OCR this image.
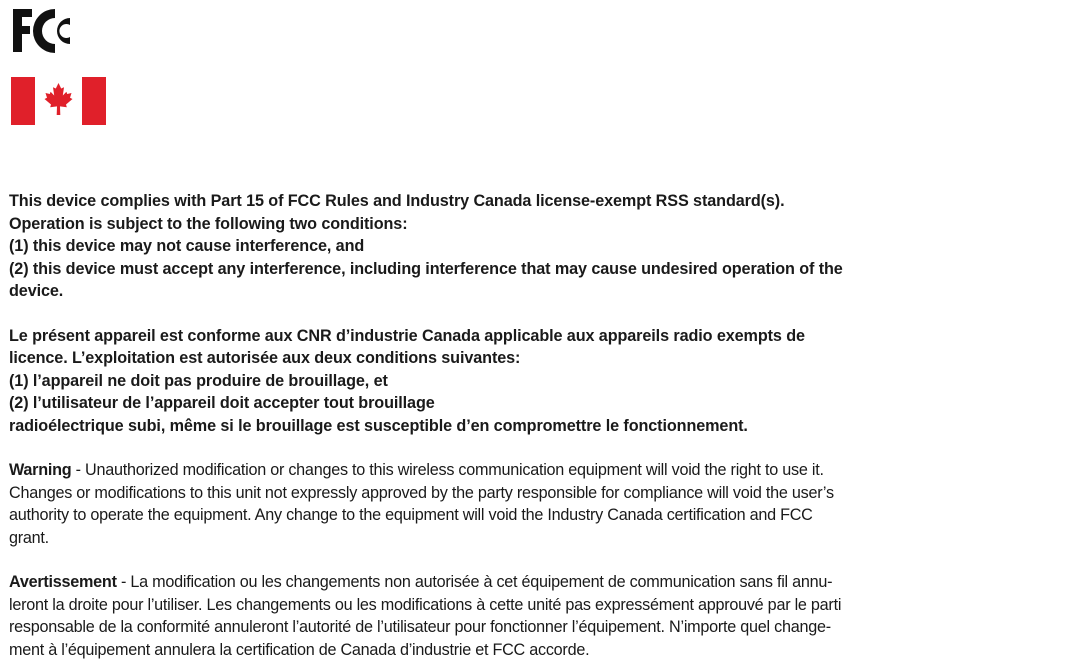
This device complies with Part 15 of FCC Rules and Industry Canada license-exempt RSS standard(s).
Operation is subject to the following two conditions:
(1) this device may not cause interference, and
(2) this device must accept any interference, including interference that may cause undesired operation of the
device.

Le présent appareil est conforme aux CNR d’industrie Canada applicable aux appareils radio exempts de
licence. L’exploitation est autorisée aux deux conditions suivantes:
(1) l’appareil ne doit pas produire de brouillage, et
(2) l’utilisateur de l’appareil doit accepter tout brouillage
radioélectrique subi, même si le brouillage est susceptible d’en compromettre le fonctionnement.

Warning - Unauthorized modification or changes to this wireless communication equipment will void the right to use it.
Changes or modifications to this unit not expressly approved by the party responsible for compliance will void the user’s
authority to operate the equipment. Any change to the equipment will void the Industry Canada certification and FCC
grant.

Avertissement - La modification ou les changements non autorisée à cet équipement de communication sans fil annu-
leront la droite pour l’utiliser. Les changements ou les modifications à cette unité pas expressément approuvé par le parti
responsable de la conformité annuleront l’autorité de l’utilisateur pour fonctionner l’équipement. N’importe quel change-
ment à l’équipement annulera la certification de Canada d’industrie et FCC accorde.
